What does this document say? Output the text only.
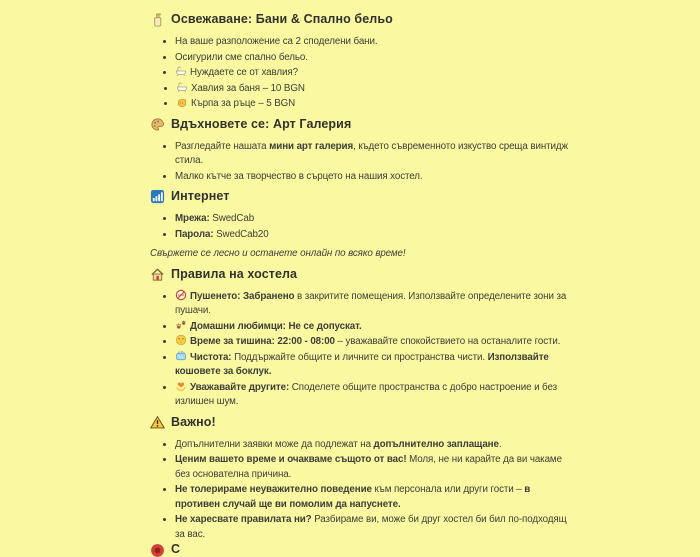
Освежаване: Бани & Спално бельо
• На ваше разположение са 2 споделени бани.
• Осигурили сме спално бельо.
• Нуждаете се от хавлия?
• Хавлия за баня – 10 BGN
• Кърпа за ръце – 5 BGN
Вдъхновете се: Арт Галерия
• Разгледайте нашата мини арт галерия, където съвременното изкуство среща винтидж стила.
• Малко кътче за творчество в сърцето на нашия хостел.
Интернет
• Мрежа: SwedCab
• Парола: SwedCab20
Свържете се лесно и останете онлайн по всяко време!
Правила на хостела
• Пушенето: Забранено в закритите помещения. Използвайте определените зони за пушачи.
• Домашни любимци: Не се допускат.
• Време за тишина: 22:00 - 08:00 – уважавайте спокойствието на останалите гости.
• Чистота: Поддържайте общите и личните си пространства чисти. Използвайте кошовете за боклук.
• Уважавайте другите: Споделете общите пространства с добро настроение и без излишен шум.
Важно!
• Допълнителни заявки може да подлежат на допълнително заплащане.
• Ценим вашето време и очакваме същото от вас! Моля, не ни карайте да ви чакаме без основателна причина.
• Не толерираме неуважително поведение към персонала или други гости – в противен случай ще ви помолим да напуснете.
• Не харесвате правилата ни? Разбираме ви, може би друг хостел би бил по-подходящ за вас.
С
